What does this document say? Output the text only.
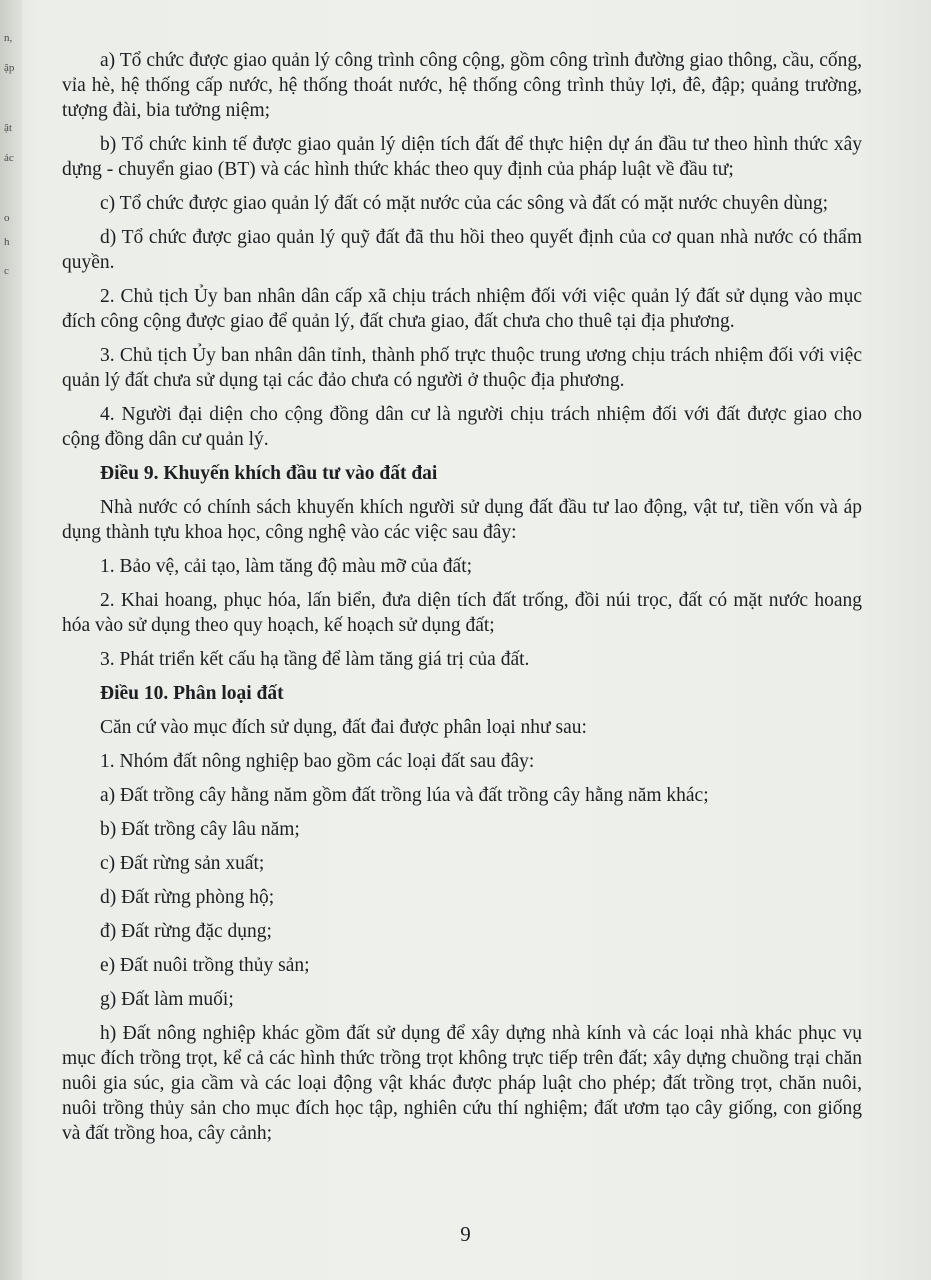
n,
ập
ật
ác
o
h
c

a) Tổ chức được giao quản lý công trình công cộng, gồm công trình đường giao thông, cầu, cống, vỉa hè, hệ thống cấp nước, hệ thống thoát nước, hệ thống công trình thủy lợi, đê, đập; quảng trường, tượng đài, bia tưởng niệm;

b) Tổ chức kinh tế được giao quản lý diện tích đất để thực hiện dự án đầu tư theo hình thức xây dựng - chuyển giao (BT) và các hình thức khác theo quy định của pháp luật về đầu tư;

c) Tổ chức được giao quản lý đất có mặt nước của các sông và đất có mặt nước chuyên dùng;

d) Tổ chức được giao quản lý quỹ đất đã thu hồi theo quyết định của cơ quan nhà nước có thẩm quyền.

2. Chủ tịch Ủy ban nhân dân cấp xã chịu trách nhiệm đối với việc quản lý đất sử dụng vào mục đích công cộng được giao để quản lý, đất chưa giao, đất chưa cho thuê tại địa phương.

3. Chủ tịch Ủy ban nhân dân tỉnh, thành phố trực thuộc trung ương chịu trách nhiệm đối với việc quản lý đất chưa sử dụng tại các đảo chưa có người ở thuộc địa phương.

4. Người đại diện cho cộng đồng dân cư là người chịu trách nhiệm đối với đất được giao cho cộng đồng dân cư quản lý.

Điều 9. Khuyến khích đầu tư vào đất đai

Nhà nước có chính sách khuyến khích người sử dụng đất đầu tư lao động, vật tư, tiền vốn và áp dụng thành tựu khoa học, công nghệ vào các việc sau đây:

1. Bảo vệ, cải tạo, làm tăng độ màu mỡ của đất;

2. Khai hoang, phục hóa, lấn biển, đưa diện tích đất trống, đồi núi trọc, đất có mặt nước hoang hóa vào sử dụng theo quy hoạch, kế hoạch sử dụng đất;

3. Phát triển kết cấu hạ tầng để làm tăng giá trị của đất.

Điều 10. Phân loại đất

Căn cứ vào mục đích sử dụng, đất đai được phân loại như sau:

1. Nhóm đất nông nghiệp bao gồm các loại đất sau đây:

a) Đất trồng cây hằng năm gồm đất trồng lúa và đất trồng cây hằng năm khác;

b) Đất trồng cây lâu năm;

c) Đất rừng sản xuất;

d) Đất rừng phòng hộ;

đ) Đất rừng đặc dụng;

e) Đất nuôi trồng thủy sản;

g) Đất làm muối;

h) Đất nông nghiệp khác gồm đất sử dụng để xây dựng nhà kính và các loại nhà khác phục vụ mục đích trồng trọt, kể cả các hình thức trồng trọt không trực tiếp trên đất; xây dựng chuồng trại chăn nuôi gia súc, gia cầm và các loại động vật khác được pháp luật cho phép; đất trồng trọt, chăn nuôi, nuôi trồng thủy sản cho mục đích học tập, nghiên cứu thí nghiệm; đất ươm tạo cây giống, con giống và đất trồng hoa, cây cảnh;

9
